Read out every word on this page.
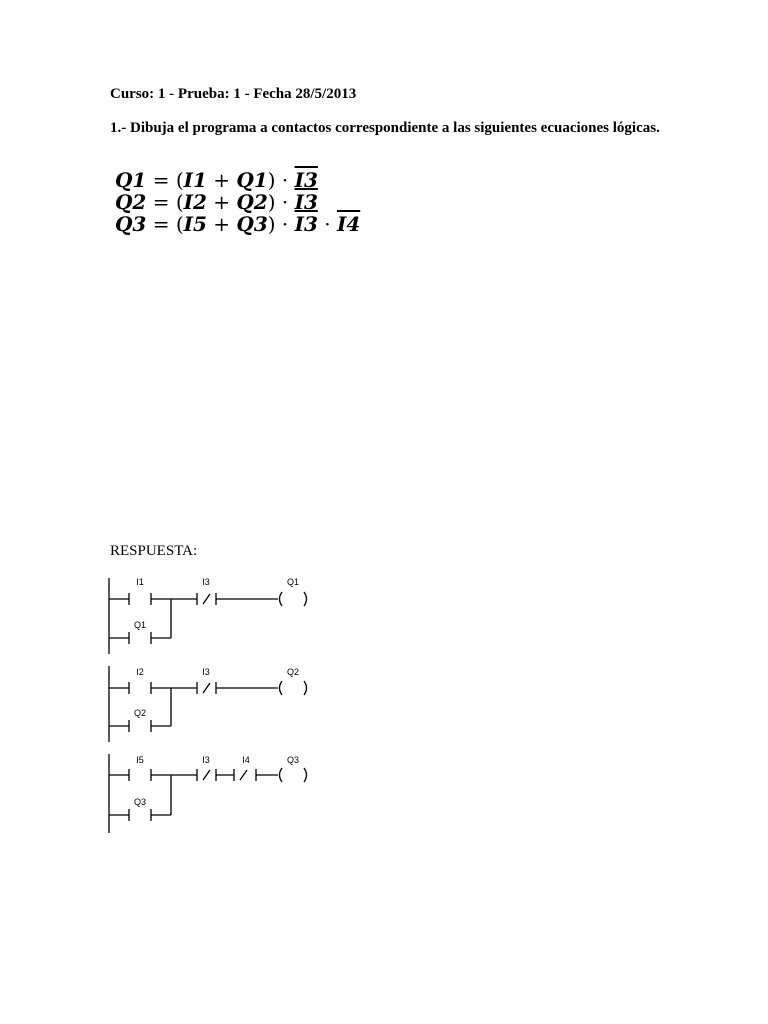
Curso: 1 - Prueba: 1 - Fecha 28/5/2013
1.- Dibuja el programa a contactos correspondiente a las siguientes ecuaciones lógicas.
Q1 = (I1 + Q1) · I3
Q2 = (I2 + Q2) · I3
Q3 = (I5 + Q3) · I3 · I4
RESPUESTA:
I1
Q1
I3	Q1
I2
Q2
I3	Q2
I5
Q3
I3	I4	Q3
